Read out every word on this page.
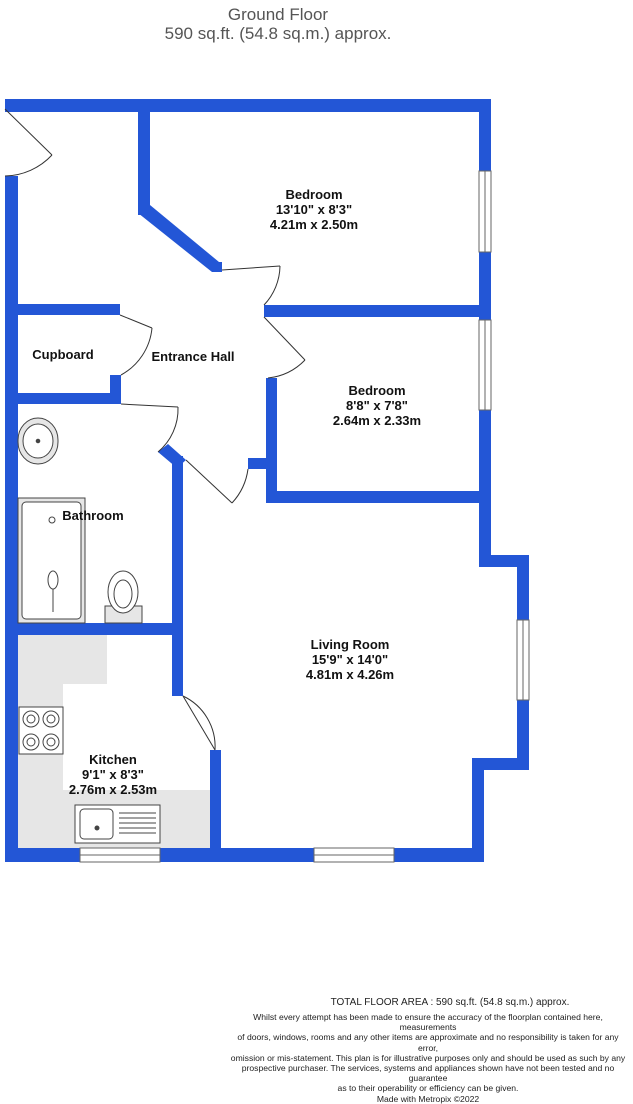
Ground Floor
590 sq.ft. (54.8 sq.m.) approx.
Bedroom
13'10" x 8'3"
4.21m x 2.50m
Bedroom
8'8" x 7'8"
2.64m x 2.33m
Entrance Hall
Cupboard
Bathroom
Living Room
15'9" x 14'0"
4.81m x 4.26m
Kitchen
9'1" x 8'3"
2.76m x 2.53m
TOTAL FLOOR AREA : 590 sq.ft. (54.8 sq.m.) approx.
Whilst every attempt has been made to ensure the accuracy of the floorplan contained here, measurements
of doors, windows, rooms and any other items are approximate and no responsibility is taken for any error,
omission or mis-statement. This plan is for illustrative purposes only and should be used as such by any
prospective purchaser. The services, systems and appliances shown have not been tested and no guarantee
as to their operability or efficiency can be given.
Made with Metropix ©2022
